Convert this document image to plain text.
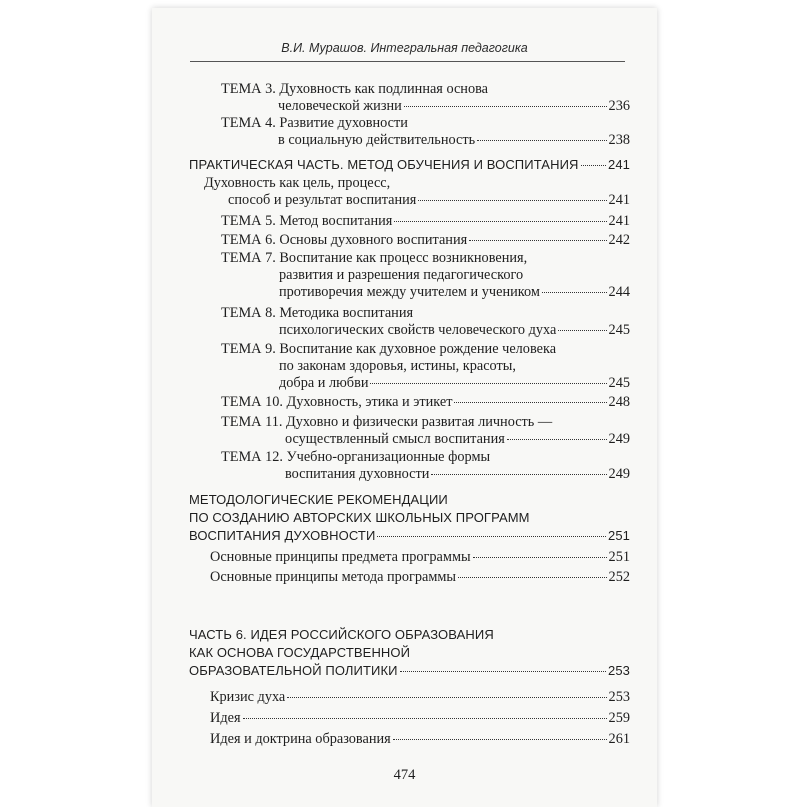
В.И. Мурашов. Интегральная педагогика
ТЕМА 3. Духовность как подлинная основа
человеческой жизни	236
ТЕМА 4. Развитие духовности
в социальную действительность	238
ПРАКТИЧЕСКАЯ ЧАСТЬ. МЕТОД ОБУЧЕНИЯ И ВОСПИТАНИЯ 241
Духовность как цель, процесс,
способ и результат воспитания	241
ТЕМА 5. Метод воспитания	241
ТЕМА 6. Основы духовного воспитания	242
ТЕМА 7. Воспитание как процесс возникновения,
развития и разрешения педагогического
противоречия между учителем и учеником	244
ТЕМА 8. Методика воспитания
психологических свойств человеческого духа	245
ТЕМА 9. Воспитание как духовное рождение человека
по законам здоровья, истины, красоты,
добра и любви	245
ТЕМА 10. Духовность, этика и этикет	248
ТЕМА 11. Духовно и физически развитая личность —
осуществленный смысл воспитания	249
ТЕМА 12. Учебно-организационные формы
воспитания духовности	249
МЕТОДОЛОГИЧЕСКИЕ РЕКОМЕНДАЦИИ
ПО СОЗДАНИЮ АВТОРСКИХ ШКОЛЬНЫХ ПРОГРАММ
ВОСПИТАНИЯ ДУХОВНОСТИ	251
Основные принципы предмета программы	251
Основные принципы метода программы	252
ЧАСТЬ 6. ИДЕЯ РОССИЙСКОГО ОБРАЗОВАНИЯ
КАК ОСНОВА ГОСУДАРСТВЕННОЙ
ОБРАЗОВАТЕЛЬНОЙ ПОЛИТИКИ	253
Кризис духа	253
Идея	259
Идея и доктрина образования	261
474
